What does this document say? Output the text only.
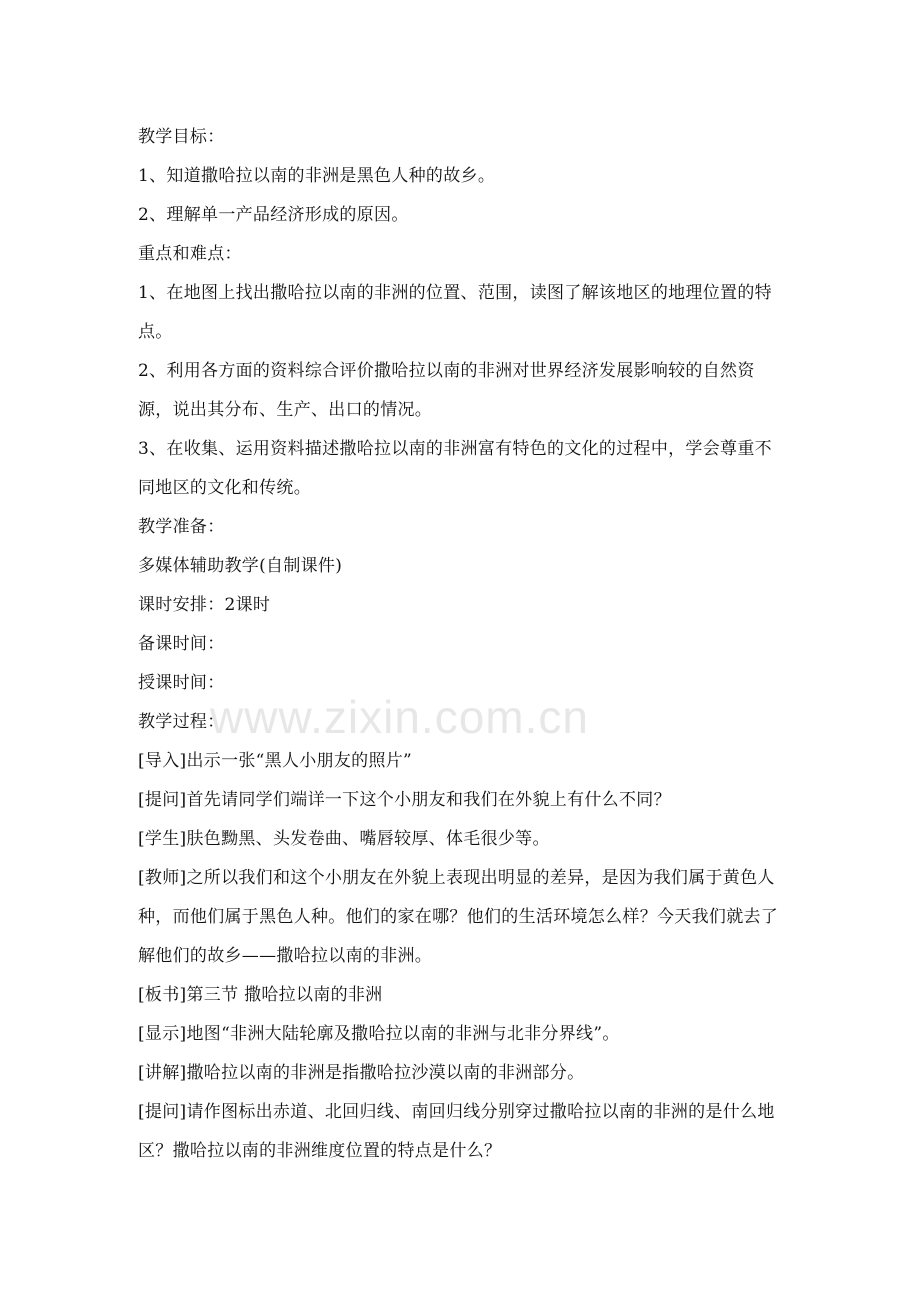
教学目标：

1、知道撒哈拉以南的非洲是黑色人种的故乡。

2、理解单一产品经济形成的原因。

重点和难点：

1、在地图上找出撒哈拉以南的非洲的位置、范围，读图了解该地区的地理位置的特点。

2、利用各方面的资料综合评价撒哈拉以南的非洲对世界经济发展影响较的自然资源，说出其分布、生产、出口的情况。

3、在收集、运用资料描述撒哈拉以南的非洲富有特色的文化的过程中，学会尊重不同地区的文化和传统。

教学准备：

多媒体辅助教学(自制课件)

课时安排：2课时

备课时间：

授课时间：

教学过程：

[导入]出示一张“黑人小朋友的照片”

[提问]首先请同学们端详一下这个小朋友和我们在外貌上有什么不同？

[学生]肤色黝黑、头发卷曲、嘴唇较厚、体毛很少等。

[教师]之所以我们和这个小朋友在外貌上表现出明显的差异，是因为我们属于黄色人种，而他们属于黑色人种。他们的家在哪？他们的生活环境怎么样？今天我们就去了解他们的故乡——撒哈拉以南的非洲。

[板书]第三节 撒哈拉以南的非洲

[显示]地图“非洲大陆轮廓及撒哈拉以南的非洲与北非分界线”。

[讲解]撒哈拉以南的非洲是指撒哈拉沙漠以南的非洲部分。

[提问]请作图标出赤道、北回归线、南回归线分别穿过撒哈拉以南的非洲的是什么地区？撒哈拉以南的非洲维度位置的特点是什么？

www.zixin.com.cn
